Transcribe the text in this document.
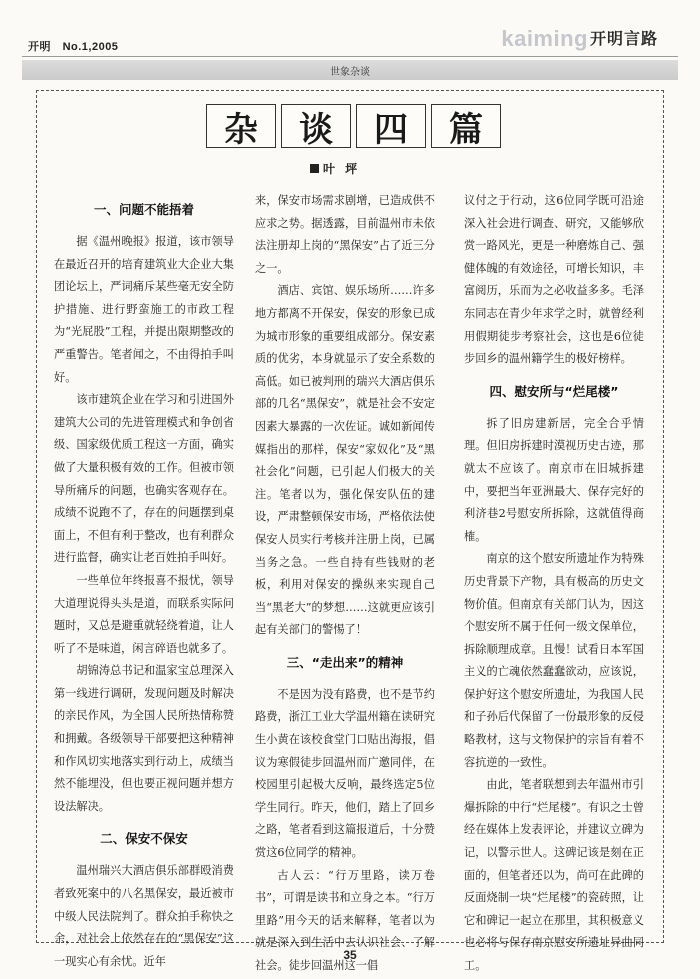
开明 No.1,2005	kaiming 开明言路
世象杂谈
杂	谈	四	篇
叶 坪
一、问题不能捂着

据《温州晚报》报道，该市领导在最近召开的培育建筑业大企业大集团论坛上，严词痛斥某些毫无安全防护措施、进行野蛮施工的市政工程为“光屁股”工程，并提出限期整改的严重警告。笔者闻之，不由得拍手叫好。

该市建筑企业在学习和引进国外建筑大公司的先进管理模式和争创省级、国家级优质工程这一方面，确实做了大量积极有效的工作。但被市领导所痛斥的问题，也确实客观存在。成绩不说跑不了，存在的问题摆到桌面上，不但有利于整改，也有利群众进行监督，确实让老百姓拍手叫好。

一些单位年终报喜不报忧，领导大道理说得头头是道，而联系实际问题时，又总是避重就轻绕着道，让人听了不是味道，闲言碎语也就多了。

胡锦涛总书记和温家宝总理深入第一线进行调研，发现问题及时解决的亲民作风，为全国人民所热情称赞和拥戴。各级领导干部要把这种精神和作风切实地落实到行动上，成绩当然不能埋没，但也要正视问题并想方设法解决。

二、保安不保安

温州瑞兴大酒店俱乐部群殴消费者致死案中的八名黑保安，最近被市中级人民法院判了。群众拍手称快之余，对社会上依然存在的“黑保安”这一现实心有余忧。近年

来，保安市场需求剧增，已造成供不应求之势。据透露，目前温州市未依法注册却上岗的“黑保安”占了近三分之一。

酒店、宾馆、娱乐场所……许多地方都离不开保安，保安的形象已成为城市形象的重要组成部分。保安素质的优劣，本身就显示了安全系数的高低。如已被判刑的瑞兴大酒店俱乐部的几名“黑保安”，就是社会不安定因素大暴露的一次佐证。诚如新闻传媒指出的那样，保安“家奴化”及“黑社会化”问题，已引起人们极大的关注。笔者以为，强化保安队伍的建设，严肃整顿保安市场，严格依法使保安人员实行考核并注册上岗，已属当务之急。一些自持有些钱财的老板，利用对保安的操纵来实现自己当“黑老大”的梦想……这就更应该引起有关部门的警惕了！

三、“走出来”的精神

不是因为没有路费，也不是节约路费，浙江工业大学温州籍在读研究生小黄在该校食堂门口贴出海报，倡议为寒假徒步回温州而广邀同伴，在校园里引起极大反响，最终选定5位学生同行。昨天，他们，踏上了回乡之路，笔者看到这篇报道后，十分赞赏这6位同学的精神。

古人云：“行万里路，读万卷书”，可谓是读书和立身之本。“行万里路”用今天的话来解释，笔者以为就是深入到生活中去认识社会、了解社会。徒步回温州这一倡

议付之于行动，这6位同学既可沿途深入社会进行调查、研究，又能够欣赏一路风光，更是一种磨炼自己、强健体魄的有效途径，可增长知识，丰富阅历，乐而为之必收益多多。毛泽东同志在青少年求学之时，就曾经利用假期徒步考察社会，这也是6位徒步回乡的温州籍学生的极好榜样。

四、慰安所与“烂尾楼”

拆了旧房建新居，完全合乎情理。但旧房拆建时漠视历史古迹，那就太不应该了。南京市在旧城拆建中，要把当年亚洲最大、保存完好的利济巷2号慰安所拆除，这就值得商榷。

南京的这个慰安所遗址作为特殊历史背景下产物，具有极高的历史文物价值。但南京有关部门认为，因这个慰安所不属于任何一级文保单位，拆除顺理成章。且慢！试看日本军国主义的亡魂依然蠢蠢欲动，应该说，保护好这个慰安所遗址，为我国人民和子孙后代保留了一份最形象的反侵略教材，这与文物保护的宗旨有着不容抗逆的一致性。

由此，笔者联想到去年温州市引爆拆除的中行“烂尾楼”。有识之士曾经在媒体上发表评论，并建议立碑为记，以警示世人。这碑记该是刻在正面的，但笔者还以为，尚可在此碑的反面烧制一块“烂尾楼”的瓷砖照，让它和碑记一起立在那里，其积极意义也必将与保存南京慰安所遗址异曲同工。

35
